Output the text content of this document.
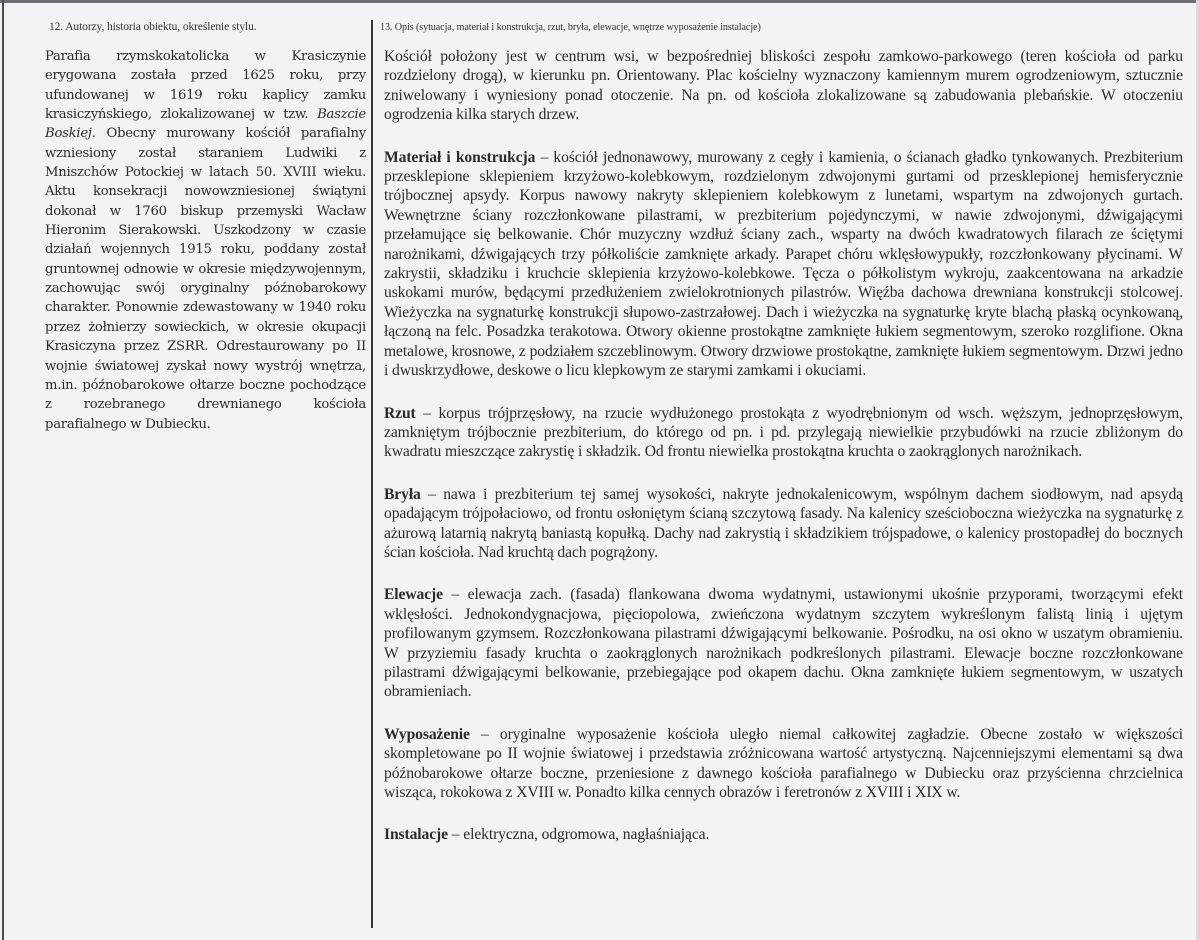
12. Autorzy, historia obiektu, określenie stylu.

Parafia rzymskokatolicka w Krasiczynie erygowana została przed 1625 roku, przy ufundowanej w 1619 roku kaplicy zamku krasiczyńskiego, zlokalizowanej w tzw. Baszcie Boskiej. Obecny murowany kościół parafialny wzniesiony został staraniem Ludwiki z Mniszchów Potockiej w latach 50. XVIII wieku. Aktu konsekracji nowowzniesionej świątyni dokonał w 1760 biskup przemyski Wacław Hieronim Sierakowski. Uszkodzony w czasie działań wojennych 1915 roku, poddany został gruntownej odnowie w okresie międzywojennym, zachowując swój oryginalny późnobarokowy charakter. Ponownie zdewastowany w 1940 roku przez żołnierzy sowieckich, w okresie okupacji Krasiczyna przez ZSRR. Odrestaurowany po II wojnie światowej zyskał nowy wystrój wnętrza, m.in. późnobarokowe ołtarze boczne pochodzące z rozebranego drewnianego kościoła parafialnego w Dubiecku.

13. Opis (sytuacja, materiał i konstrukcja, rzut, bryła, elewacje, wnętrze wyposażenie instalacje)

Kościół położony jest w centrum wsi, w bezpośredniej bliskości zespołu zamkowo-parkowego (teren kościoła od parku rozdzielony drogą), w kierunku pn. Orientowany. Plac kościelny wyznaczony kamiennym murem ogrodzeniowym, sztucznie zniwelowany i wyniesiony ponad otoczenie. Na pn. od kościoła zlokalizowane są zabudowania plebańskie. W otoczeniu ogrodzenia kilka starych drzew.

Materiał i konstrukcja – kościół jednonawowy, murowany z cegły i kamienia, o ścianach gładko tynkowanych. Prezbiterium przesklepione sklepieniem krzyżowo-kolebkowym, rozdzielonym zdwojonymi gurtami od przesklepionej hemisferycznie trójbocznej apsydy. Korpus nawowy nakryty sklepieniem kolebkowym z lunetami, wspartym na zdwojonych gurtach. Wewnętrzne ściany rozczłonkowane pilastrami, w prezbiterium pojedynczymi, w nawie zdwojonymi, dźwigającymi przełamujące się belkowanie. Chór muzyczny wzdłuż ściany zach., wsparty na dwóch kwadratowych filarach ze ściętymi narożnikami, dźwigających trzy półkoliście zamknięte arkady. Parapet chóru wklęsłowypukły, rozczłonkowany płycinami. W zakrystii, składziku i kruchcie sklepienia krzyżowo-kolebkowe. Tęcza o półkolistym wykroju, zaakcentowana na arkadzie uskokami murów, będącymi przedłużeniem zwielokrotnionych pilastrów. Więźba dachowa drewniana konstrukcji stolcowej. Wieżyczka na sygnaturkę konstrukcji słupowo-zastrzałowej. Dach i wieżyczka na sygnaturkę kryte blachą płaską ocynkowaną, łączoną na felc. Posadzka terakotowa. Otwory okienne prostokątne zamknięte łukiem segmentowym, szeroko rozglifione. Okna metalowe, krosnowe, z podziałem szczeblinowym. Otwory drzwiowe prostokątne, zamknięte łukiem segmentowym. Drzwi jedno i dwuskrzydłowe, deskowe o licu klepkowym ze starymi zamkami i okuciami.

Rzut – korpus trójprzęsłowy, na rzucie wydłużonego prostokąta z wyodrębnionym od wsch. węższym, jednoprzęsłowym, zamkniętym trójbocznie prezbiterium, do którego od pn. i pd. przylegają niewielkie przybudówki na rzucie zbliżonym do kwadratu mieszczące zakrystię i składzik. Od frontu niewielka prostokątna kruchta o zaokrąglonych narożnikach.

Bryła – nawa i prezbiterium tej samej wysokości, nakryte jednokalenicowym, wspólnym dachem siodłowym, nad apsydą opadającym trójpołaciowo, od frontu osłoniętym ścianą szczytową fasady. Na kalenicy sześcioboczna wieżyczka na sygnaturkę z ażurową latarnią nakrytą baniastą kopułką. Dachy nad zakrystią i składzikiem trójspadowe, o kalenicy prostopadłej do bocznych ścian kościoła. Nad kruchtą dach pogrążony.

Elewacje – elewacja zach. (fasada) flankowana dwoma wydatnymi, ustawionymi ukośnie przyporami, tworzącymi efekt wklęsłości. Jednokondygnacjowa, pięciopolowa, zwieńczona wydatnym szczytem wykreślonym falistą linią i ujętym profilowanym gzymsem. Rozczłonkowana pilastrami dźwigającymi belkowanie. Pośrodku, na osi okno w uszatym obramieniu. W przyziemiu fasady kruchta o zaokrąglonych narożnikach podkreślonych pilastrami. Elewacje boczne rozczłonkowane pilastrami dźwigającymi belkowanie, przebiegające pod okapem dachu. Okna zamknięte łukiem segmentowym, w uszatych obramieniach.

Wyposażenie – oryginalne wyposażenie kościoła uległo niemal całkowitej zagładzie. Obecne zostało w większości skompletowane po II wojnie światowej i przedstawia zróżnicowana wartość artystyczną. Najcenniejszymi elementami są dwa późnobarokowe ołtarze boczne, przeniesione z dawnego kościoła parafialnego w Dubiecku oraz przyścienna chrzcielnica wisząca, rokokowa z XVIII w. Ponadto kilka cennych obrazów i feretronów z XVIII i XIX w.

Instalacje – elektryczna, odgromowa, nagłaśniająca.
